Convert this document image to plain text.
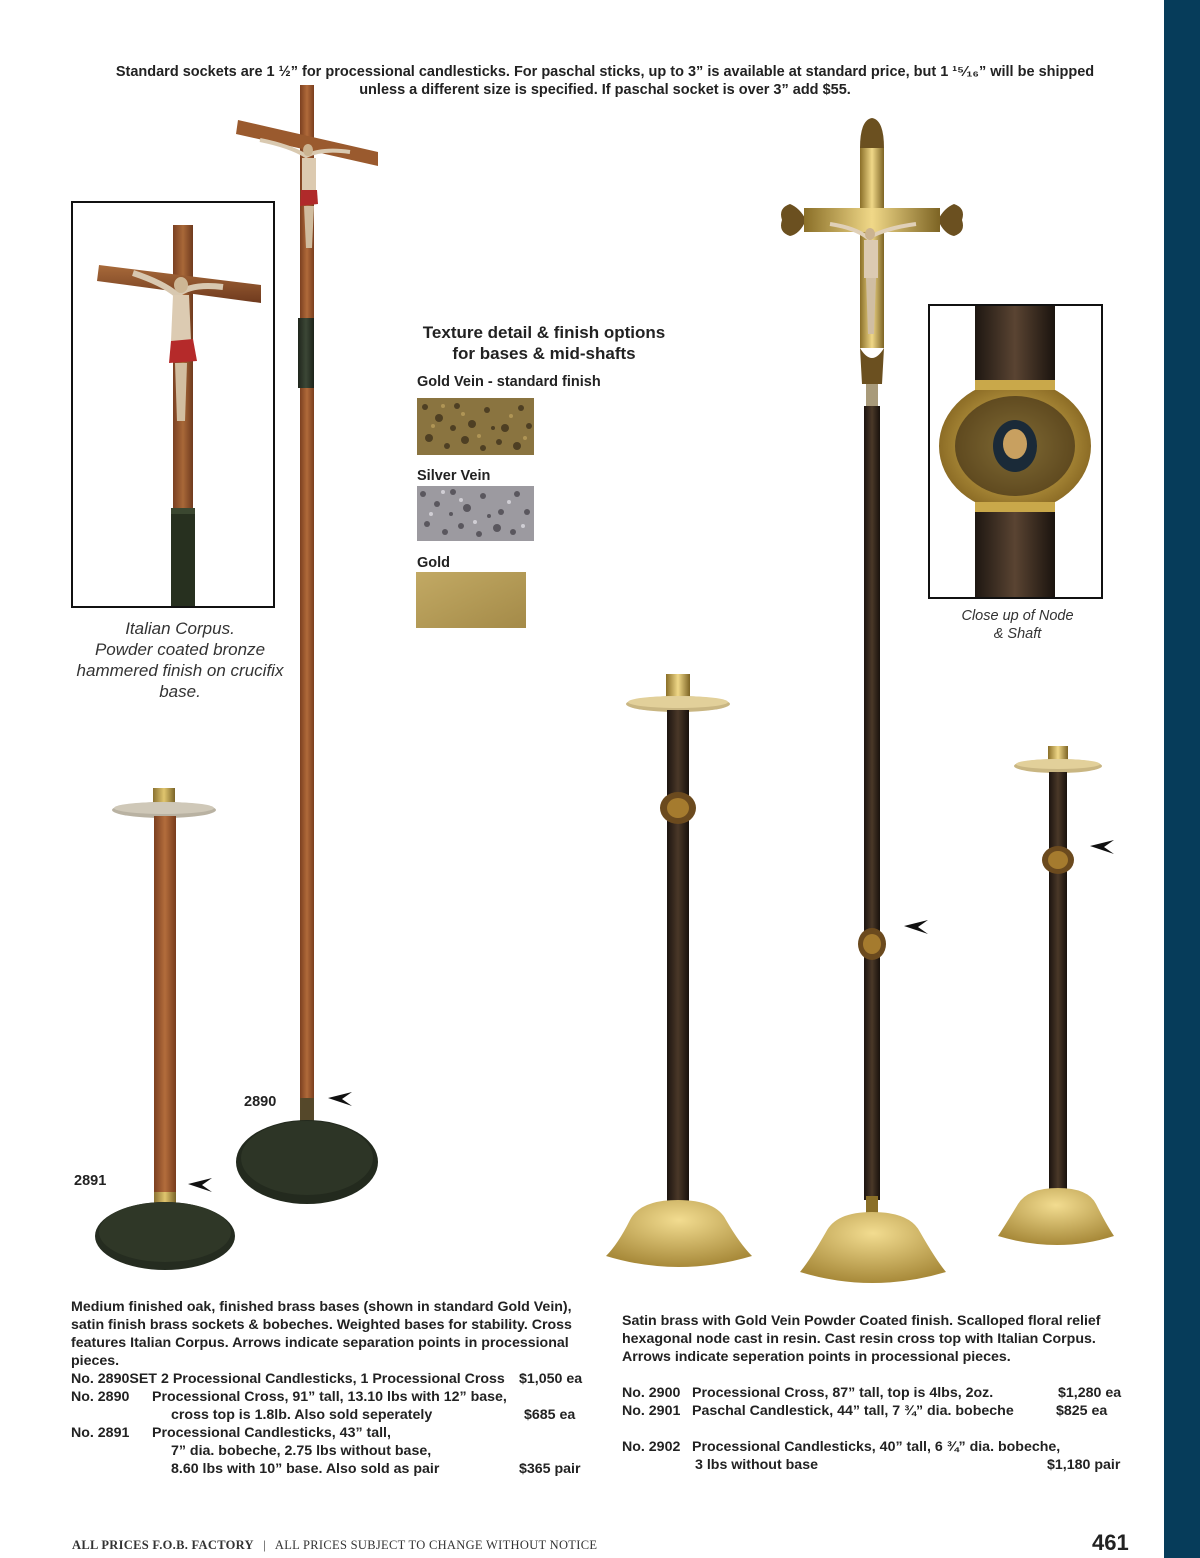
Standard sockets are 1 ½” for processional candlesticks. For paschal sticks, up to 3” is available at standard price, but 1 ¹⁵⁄₁₆” will be shipped
unless a different size is specified. If paschal socket is over 3” add $55.
Italian Corpus.
Powder coated bronze
hammered finish on crucifix
base.
2890
2891
Texture detail & finish options
for bases & mid-shafts
Gold Vein - standard finish
Silver Vein
Gold
Close up of Node
& Shaft
Medium finished oak, finished brass bases (shown in standard Gold Vein),
satin finish brass sockets & bobeches. Weighted bases for stability. Cross
features Italian Corpus. Arrows indicate separation points in processional
pieces.
No. 2890SET 2 Processional Candlesticks, 1 Processional Cross $1,050 ea
No. 2890 Processional Cross, 91” tall, 13.10 lbs with 12” base,
cross top is 1.8lb. Also sold seperately	$685 ea
No. 2891 Processional Candlesticks, 43” tall,
7” dia. bobeche, 2.75 lbs without base,
8.60 lbs with 10” base. Also sold as pair	$365 pair
Satin brass with Gold Vein Powder Coated finish. Scalloped floral relief
hexagonal node cast in resin. Cast resin cross top with Italian Corpus.
Arrows indicate seperation points in processional pieces.
No. 2900 Processional Cross, 87” tall, top is 4lbs, 2oz.	$1,280 ea
No. 2901 Paschal Candlestick, 44” tall, 7 ¾” dia. bobeche	$825 ea
No. 2902 Processional Candlesticks, 40” tall, 6 ¾” dia. bobeche,
3 lbs without base	$1,180 pair
ALL PRICES F.O.B. FACTORY | ALL PRICES SUBJECT TO CHANGE WITHOUT NOTICE	461
